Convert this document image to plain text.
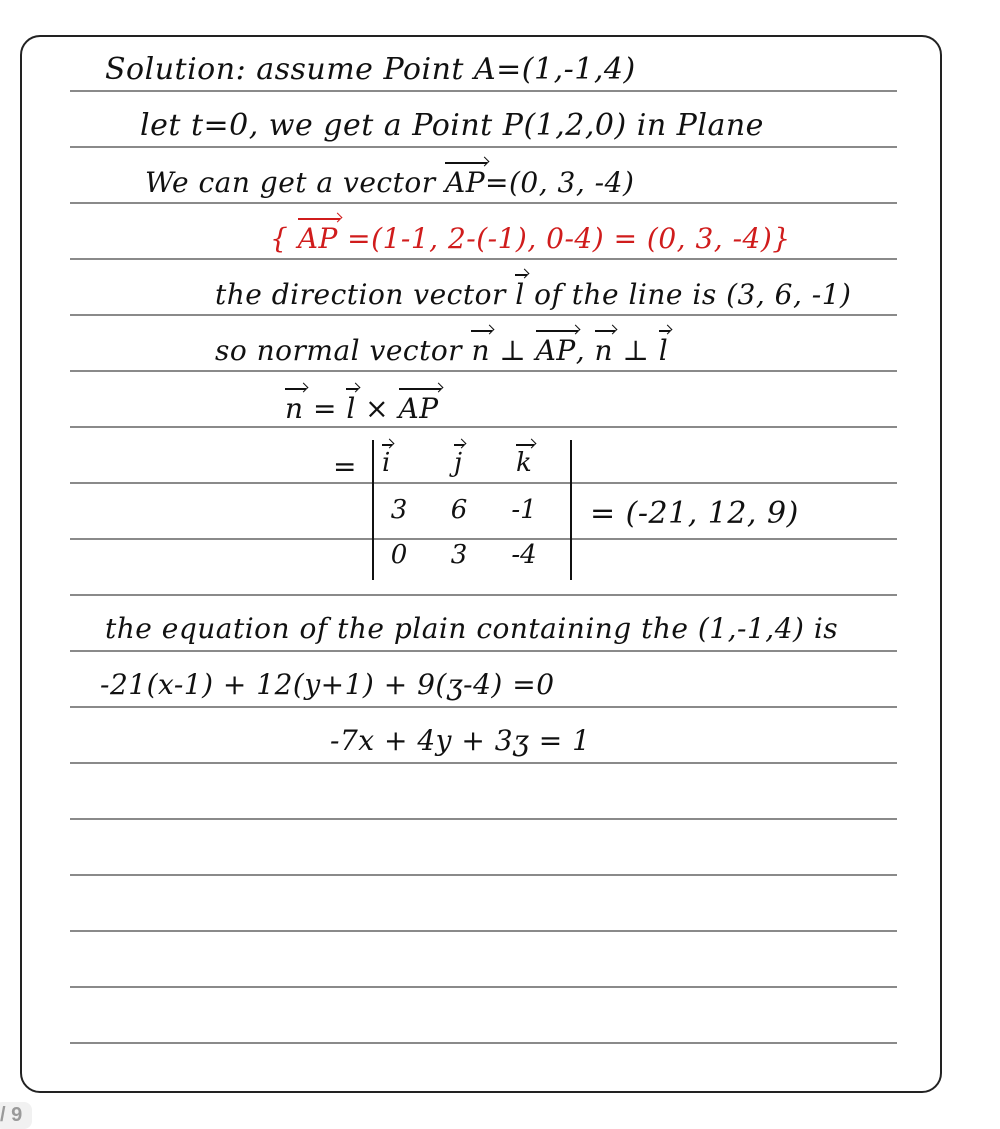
Solution: assume Point A=(1,-1,4)
let t=0, we get a Point P(1,2,0) in Plane
We can get a vector AP=(0, 3, -4)
{ AP =(1-1, 2-(-1), 0-4) = (0, 3, -4)}
the direction vector l of the line is (3, 6, -1)
so normal vector n ⊥ AP, n ⊥ l
n = l × AP
= i j k
3	6	-1
0	3	-4
= (-21, 12, 9)
the equation of the plain containing the (1,-1,4) is
-21(x-1) + 12(y+1) + 9(ʒ-4) =0
-7x + 4y + 3ʒ = 1
/ 9
